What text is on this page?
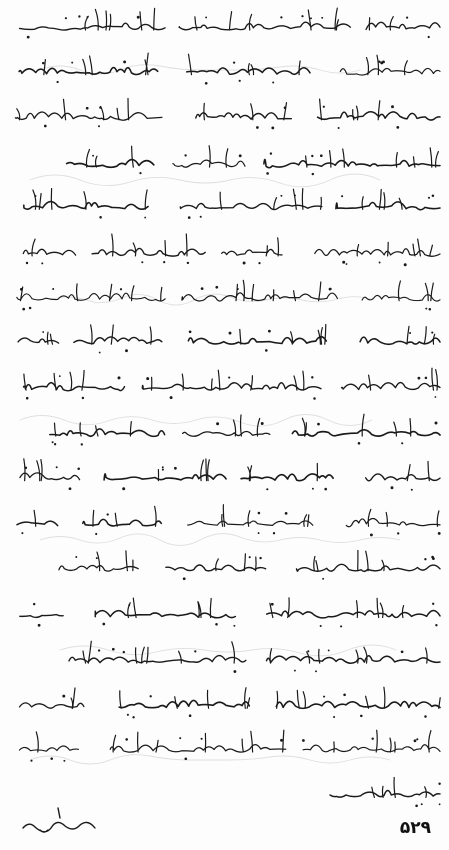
۵۲۹
